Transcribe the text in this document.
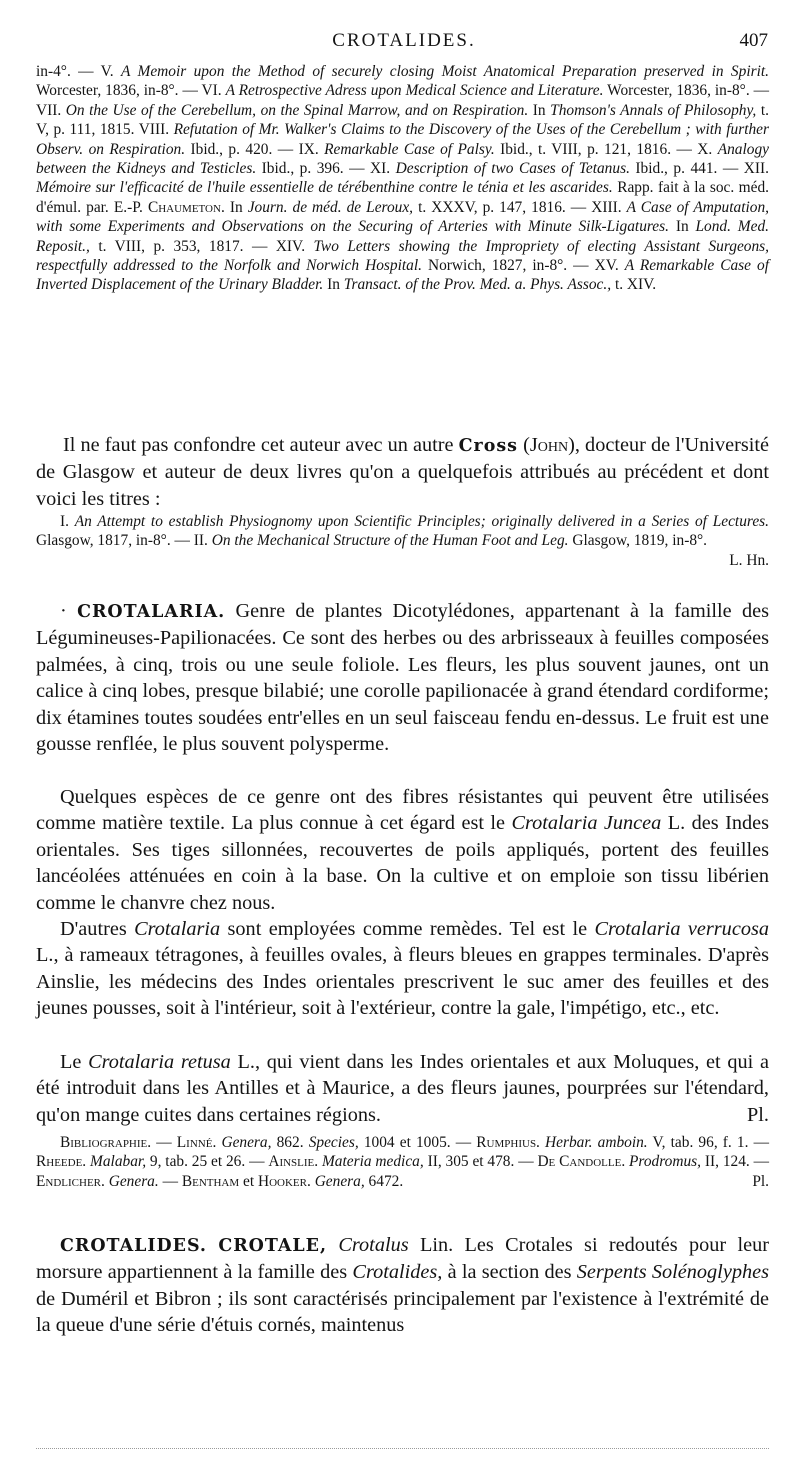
CROTALIDES.	407
in-4°. — V. A Memoir upon the Method of securely closing Moist Anatomical Preparation preserved in Spirit. Worcester, 1836, in-8°. — VI. A Retrospective Adress upon Medical Science and Literature. Worcester, 1836, in-8°. — VII. On the Use of the Cerebellum, on the Spinal Marrow, and on Respiration. In Thomson's Annals of Philosophy, t. V, p. 111, 1815. VIII. Refutation of Mr. Walker's Claims to the Discovery of the Uses of the Cerebellum ; with further Observ. on Respiration. Ibid., p. 420. — IX. Remarkable Case of Palsy. Ibid., t. VIII, p. 121, 1816. — X. Analogy between the Kidneys and Testicles. Ibid., p. 396. — XI. Description of two Cases of Tetanus. Ibid., p. 441. — XII. Mémoire sur l'efficacité de l'huile essentielle de térébenthine contre le ténia et les ascarides. Rapp. fait à la soc. méd. d'émul. par. E.-P. Chaumeton. In Journ. de méd. de Leroux, t. XXXV, p. 147, 1816. — XIII. A Case of Amputation, with some Experiments and Observations on the Securing of Arteries with Minute Silk-Ligatures. In Lond. Med. Reposit., t. VIII, p. 353, 1817. — XIV. Two Letters showing the Impropriety of electing Assistant Surgeons, respectfully addressed to the Norfolk and Norwich Hospital. Norwich, 1827, in-8°. — XV. A Remarkable Case of Inverted Displacement of the Urinary Bladder. In Transact. of the Prov. Med. a. Phys. Assoc., t. XIV.
Il ne faut pas confondre cet auteur avec un autre Cross (John), docteur de l'Université de Glasgow et auteur de deux livres qu'on a quelquefois attribués au précédent et dont voici les titres :
I. An Attempt to establish Physiognomy upon Scientific Principles; originally delivered in a Series of Lectures. Glasgow, 1817, in-8°. — II. On the Mechanical Structure of the Human Foot and Leg. Glasgow, 1819, in-8°.
L. Hn.
· CROTALARIA. Genre de plantes Dicotylédones, appartenant à la famille des Légumineuses-Papilionacées. Ce sont des herbes ou des arbrisseaux à feuilles composées palmées, à cinq, trois ou une seule foliole. Les fleurs, les plus souvent jaunes, ont un calice à cinq lobes, presque bilabié; une corolle papilionacée à grand étendard cordiforme; dix étamines toutes soudées entr'elles en un seul faisceau fendu en-dessus. Le fruit est une gousse renflée, le plus souvent polysperme.
Quelques espèces de ce genre ont des fibres résistantes qui peuvent être utilisées comme matière textile. La plus connue à cet égard est le Crotalaria Juncea L. des Indes orientales. Ses tiges sillonnées, recouvertes de poils appliqués, portent des feuilles lancéolées atténuées en coin à la base. On la cultive et on emploie son tissu libérien comme le chanvre chez nous.
D'autres Crotalaria sont employées comme remèdes. Tel est le Crotalaria verrucosa L., à rameaux tétragones, à feuilles ovales, à fleurs bleues en grappes terminales. D'après Ainslie, les médecins des Indes orientales prescrivent le suc amer des feuilles et des jeunes pousses, soit à l'intérieur, soit à l'extérieur, contre la gale, l'impétigo, etc., etc.
Le Crotalaria retusa L., qui vient dans les Indes orientales et aux Moluques, et qui a été introduit dans les Antilles et à Maurice, a des fleurs jaunes, pourprées sur l'étendard, qu'on mange cuites dans certaines régions.	Pl.
Bibliographie. — Linné. Genera, 862. Species, 1004 et 1005. — Rumphius. Herbar. amboin. V, tab. 96, f. 1. — Rheede. Malabar, 9, tab. 25 et 26. — Ainslie. Materia medica, II, 305 et 478. — De Candolle. Prodromus, II, 124. — Endlicher. Genera. — Bentham et Hooker. Genera, 6472.	Pl.
CROTALIDES. CROTALE, Crotalus Lin. Les Crotales si redoutés pour leur morsure appartiennent à la famille des Crotalides, à la section des Serpents Solénoglyphes de Duméril et Bibron ; ils sont caractérisés principalement par l'existence à l'extrémité de la queue d'une série d'étuis cornés, maintenus
